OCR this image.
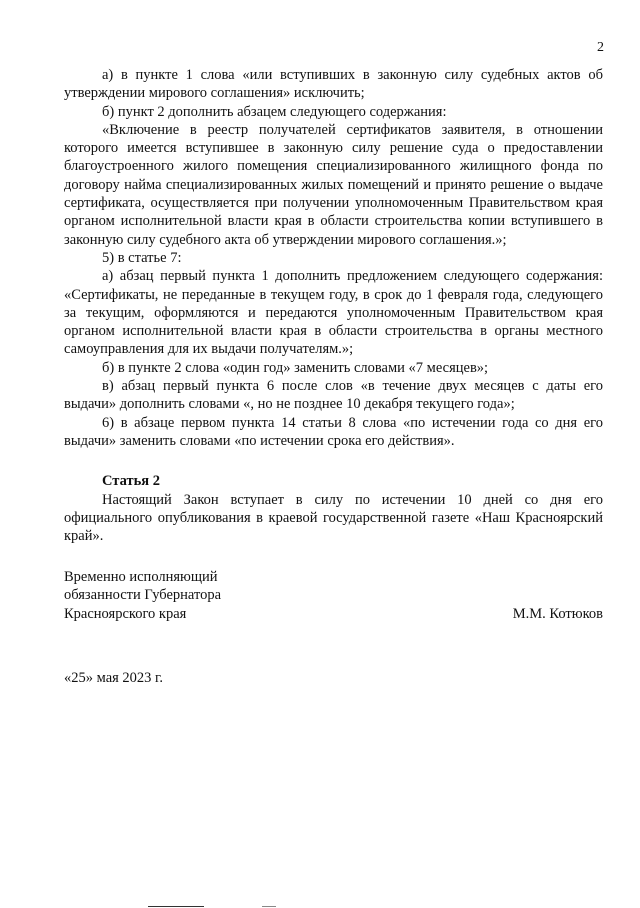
2

а) в пункте 1 слова «или вступивших в законную силу судебных актов об утверждении мирового соглашения» исключить;

б) пункт 2 дополнить абзацем следующего содержания:

«Включение в реестр получателей сертификатов заявителя, в отношении которого имеется вступившее в законную силу решение суда о предоставлении благоустроенного жилого помещения специализированного жилищного фонда по договору найма специализированных жилых помещений и принято решение о выдаче сертификата, осуществляется при получении уполномоченным Правительством края органом исполнительной власти края в области строительства копии вступившего в законную силу судебного акта об утверждении мирового соглашения.»;

5) в статье 7:

а) абзац первый пункта 1 дополнить предложением следующего содержания: «Сертификаты, не переданные в текущем году, в срок до 1 февраля года, следующего за текущим, оформляются и передаются уполномоченным Правительством края органом исполнительной власти края в области строительства в органы местного самоуправления для их выдачи получателям.»;

б) в пункте 2 слова «один год» заменить словами «7 месяцев»;

в) абзац первый пункта 6 после слов «в течение двух месяцев с даты его выдачи» дополнить словами «, но не позднее 10 декабря текущего года»;

6) в абзаце первом пункта 14 статьи 8 слова «по истечении года со дня его выдачи» заменить словами «по истечении срока его действия».

Статья 2

Настоящий Закон вступает в силу по истечении 10 дней со дня его официального опубликования в краевой государственной газете «Наш Красноярский край».

Временно исполняющий
обязанности Губернатора
Красноярского края	М.М. Котюков
«25» мая 2023 г.
